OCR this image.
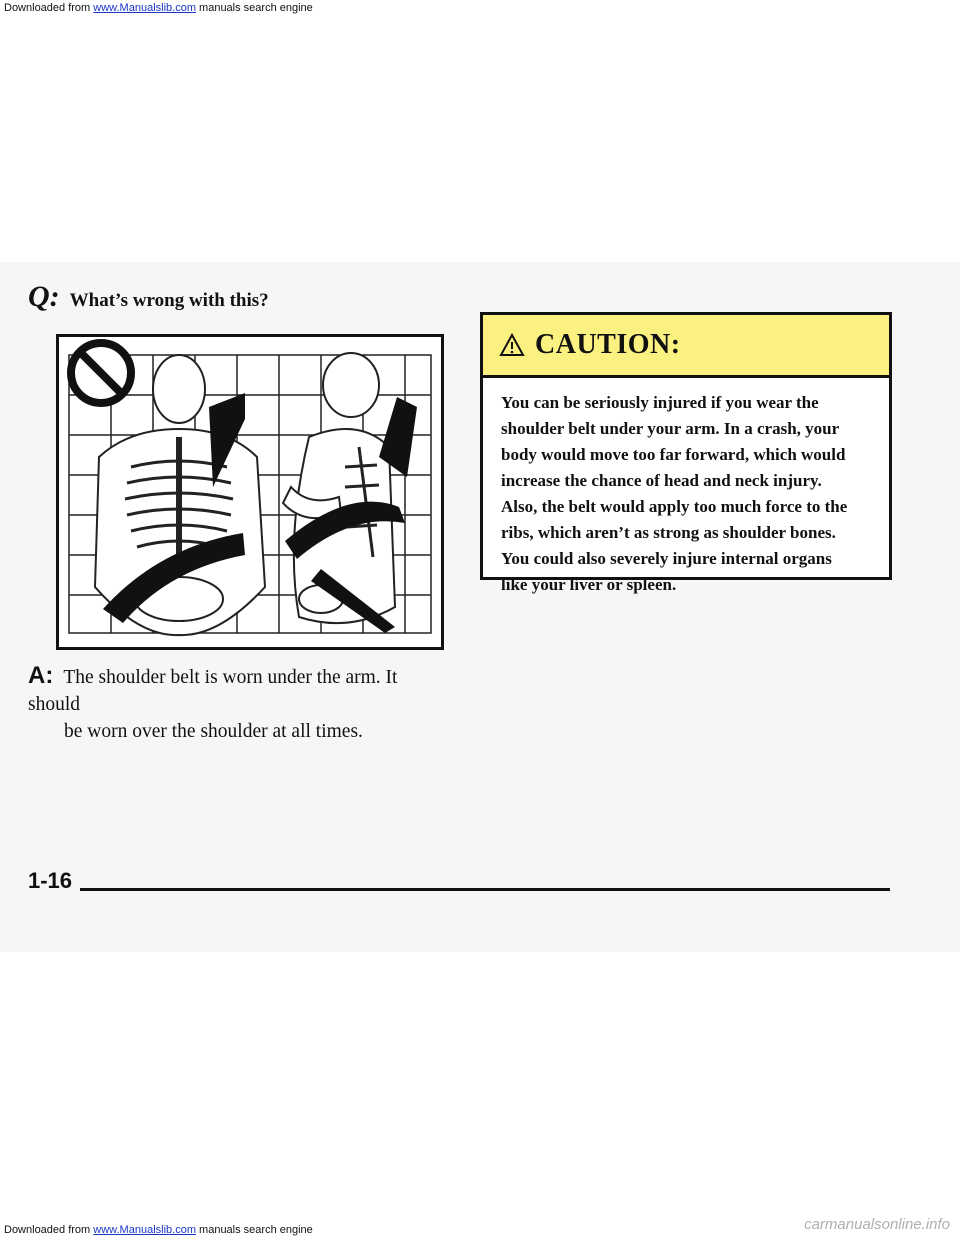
Downloaded from www.Manualslib.com manuals search engine
Q: What’s wrong with this?
A: The shoulder belt is worn under the arm. It should
be worn over the shoulder at all times.
CAUTION:
You can be seriously injured if you wear the
shoulder belt under your arm. In a crash, your
body would move too far forward, which would
increase the chance of head and neck injury.
Also, the belt would apply too much force to the
ribs, which aren’t as strong as shoulder bones.
You could also severely injure internal organs
like your liver or spleen.
1-16
Downloaded from www.Manualslib.com manuals search engine	carmanualsonline.info
